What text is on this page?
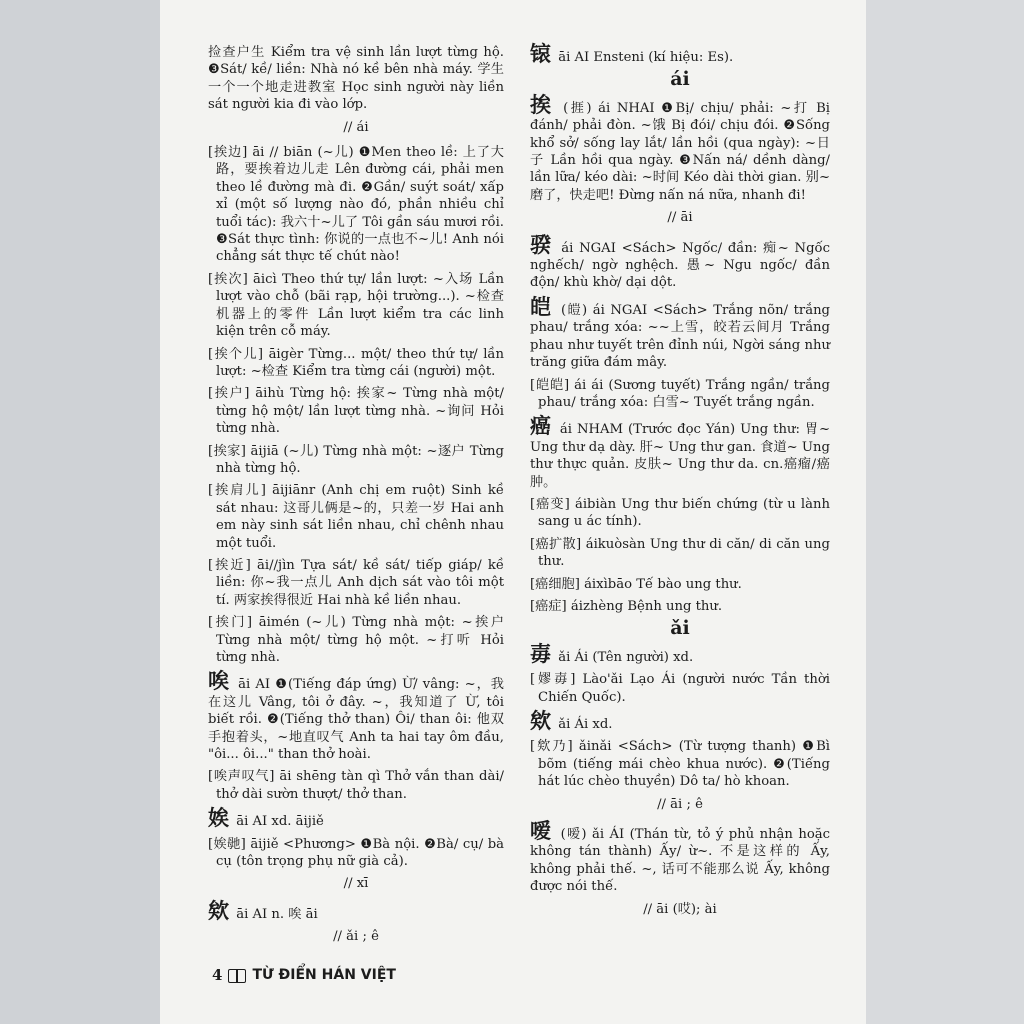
捡查户生 Kiểm tra vệ sinh lần lượt từng hộ. ❸Sát/ kề/ liền: Nhà nó kề bên nhà máy. 学生一个一个地走进教室 Học sinh người này liền sát người kia đi vào lớp.
// ái
[挨边] āi // biān (~儿) ❶Men theo lề: 上了大路，要挨着边儿走 Lên đường cái, phải men theo lề đường mà đi. ❷Gần/ suýt soát/ xấp xỉ (một số lượng nào đó, phần nhiều chỉ tuổi tác): 我六十~儿了 Tôi gần sáu mươi rồi. ❸Sát thực tình: 你说的一点也不~儿! Anh nói chẳng sát thực tế chút nào!
[挨次] āicì Theo thứ tự/ lần lượt: ~入场 Lần lượt vào chỗ (bãi rạp, hội trường...). ~检查机器上的零件 Lần lượt kiểm tra các linh kiện trên cỗ máy.
[挨个儿] āigèr Từng... một/ theo thứ tự/ lần lượt: ~检查 Kiểm tra từng cái (người) một.
[挨户] āihù Từng hộ: 挨家~ Từng nhà một/ từng hộ một/ lần lượt từng nhà. ~询问 Hỏi từng nhà.
[挨家] āijiā (~儿) Từng nhà một: ~逐户 Từng nhà từng hộ.
[挨肩儿] āijiānr (Anh chị em ruột) Sinh kề sát nhau: 这哥儿俩是~的，只差一岁 Hai anh em này sinh sát liền nhau, chỉ chênh nhau một tuổi.
[挨近] āi//jìn Tựa sát/ kề sát/ tiếp giáp/ kề liền: 你~我一点儿 Anh dịch sát vào tôi một tí. 两家挨得很近 Hai nhà kề liền nhau.
[挨门] āimén (~儿) Từng nhà một: ~挨户 Từng nhà một/ từng hộ một. ~打听 Hỏi từng nhà.
唉 āi AI ❶(Tiếng đáp ứng) Ừ/ vâng: ~，我在这儿 Vâng, tôi ở đây. ~，我知道了 Ừ, tôi biết rồi. ❷(Tiếng thở than) Ôi/ than ôi: 他双手抱着头，~地直叹气 Anh ta hai tay ôm đầu, "ôi... ôi..." than thở hoài.
[唉声叹气] āi shēng tàn qì Thở vắn than dài/ thở dài sườn thượt/ thở than.
娭 āi AI xd. āijiě
[娭毑] āijiě <Phương> ❶Bà nội. ❷Bà/ cụ/ bà cụ (tôn trọng phụ nữ già cả).
// xī
欸 āi AI n. 唉 āi
// ǎi ; ê
锿 āi AI Ensteni (kí hiệu: Es).
ái
挨 (捱) ái NHAI ❶Bị/ chịu/ phải: ~打 Bị đánh/ phải đòn. ~饿 Bị đói/ chịu đói. ❷Sống khổ sở/ sống lay lắt/ lần hồi (qua ngày): ~日子 Lần hồi qua ngày. ❸Nấn ná/ dềnh dàng/ lần lữa/ kéo dài: ~时间 Kéo dài thời gian. 别~磨了，快走吧! Đừng nấn ná nữa, nhanh đi!
// āi
骙 ái NGAI <Sách> Ngốc/ đần: 痴~ Ngốc nghếch/ ngờ nghệch. 愚~ Ngu ngốc/ đần độn/ khù khờ/ dại dột.
皑 (皚) ái NGAI <Sách> Trắng nõn/ trắng phau/ trắng xóa: ~~上雪，皎若云间月 Trắng phau như tuyết trên đỉnh núi, Ngời sáng như trăng giữa đám mây.
[皑皑] ái ái (Sương tuyết) Trắng ngần/ trắng phau/ trắng xóa: 白雪~ Tuyết trắng ngần.
癌 ái NHAM (Trước đọc Yán) Ung thư: 胃~ Ung thư dạ dày. 肝~ Ung thư gan. 食道~ Ung thư thực quản. 皮肤~ Ung thư da. cn.癌瘤/癌肿。
[癌变] áibiàn Ung thư biến chứng (từ u lành sang u ác tính).
[癌扩散] áikuòsàn Ung thư di căn/ di căn ung thư.
[癌细胞] áixìbāo Tế bào ung thư.
[癌症] áizhèng Bệnh ung thư.
ǎi
毐 ǎi Ái (Tên người) xd.
[嫪毐] Lào'ǎi Lạo Ái (người nước Tần thời Chiến Quốc).
欸 ǎi Ái xd.
[欸乃] ǎinǎi <Sách> (Từ tượng thanh) ❶Bì bõm (tiếng mái chèo khua nước). ❷(Tiếng hát lúc chèo thuyền) Dô ta/ hò khoan.
// āi ; ê
嗳 (嗳) ǎi ÁI (Thán từ, tỏ ý phủ nhận hoặc không tán thành) Ấy/ ừ~. 不是这样的 Ấy, không phải thế. ~, 话可不能那么说 Ấy, không được nói thế.
// āi (哎); ài
4 TỪ ĐIỂN HÁN VIỆT
